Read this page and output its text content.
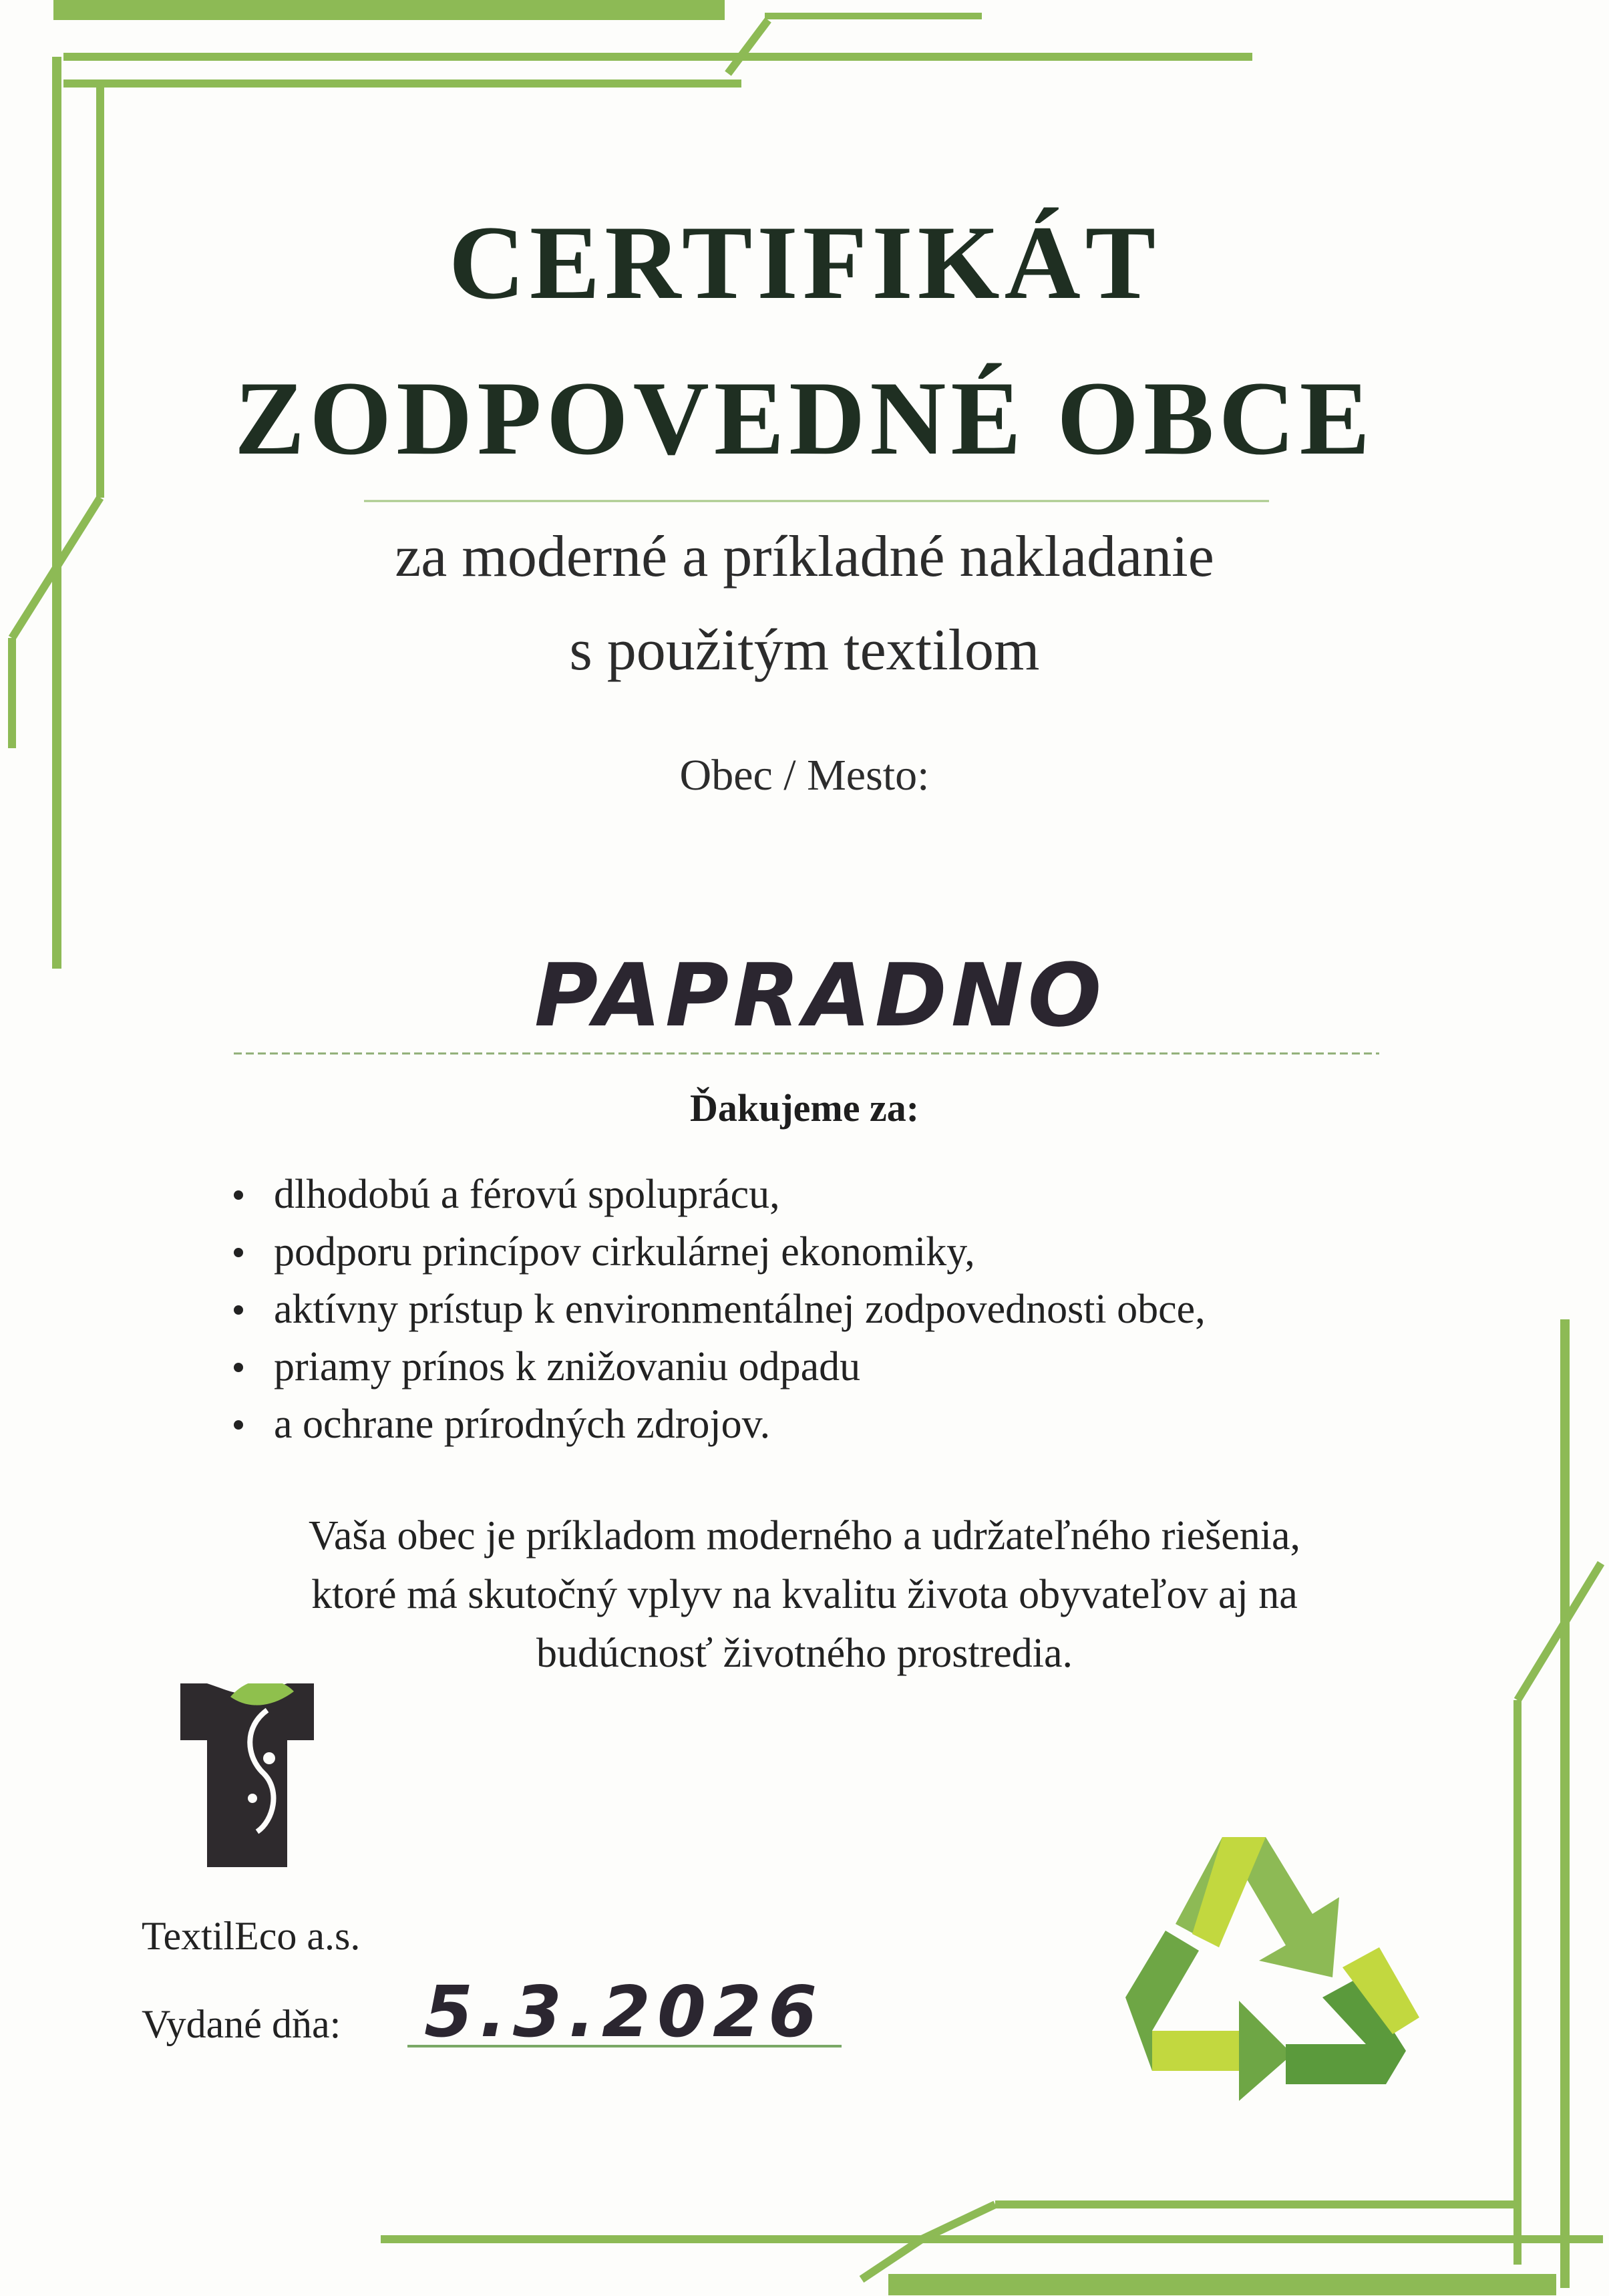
CERTIFIKÁT
ZODPOVEDNÉ OBCE
za moderné a príkladné nakladanie
s použitým textilom
Obec / Mesto:
PAPRADNO
Ďakujeme za:
dlhodobú a férovú spoluprácu,
podporu princípov cirkulárnej ekonomiky,
aktívny prístup k environmentálnej zodpovednosti obce,
priamy prínos k znižovaniu odpadu
a ochrane prírodných zdrojov.
Vaša obec je príkladom moderného a udržateľného riešenia,
ktoré má skutočný vplyv na kvalitu života obyvateľov aj na
budúcnosť životného prostredia.
TextilEco a.s.
Vydané dňa: 5.3.2026
